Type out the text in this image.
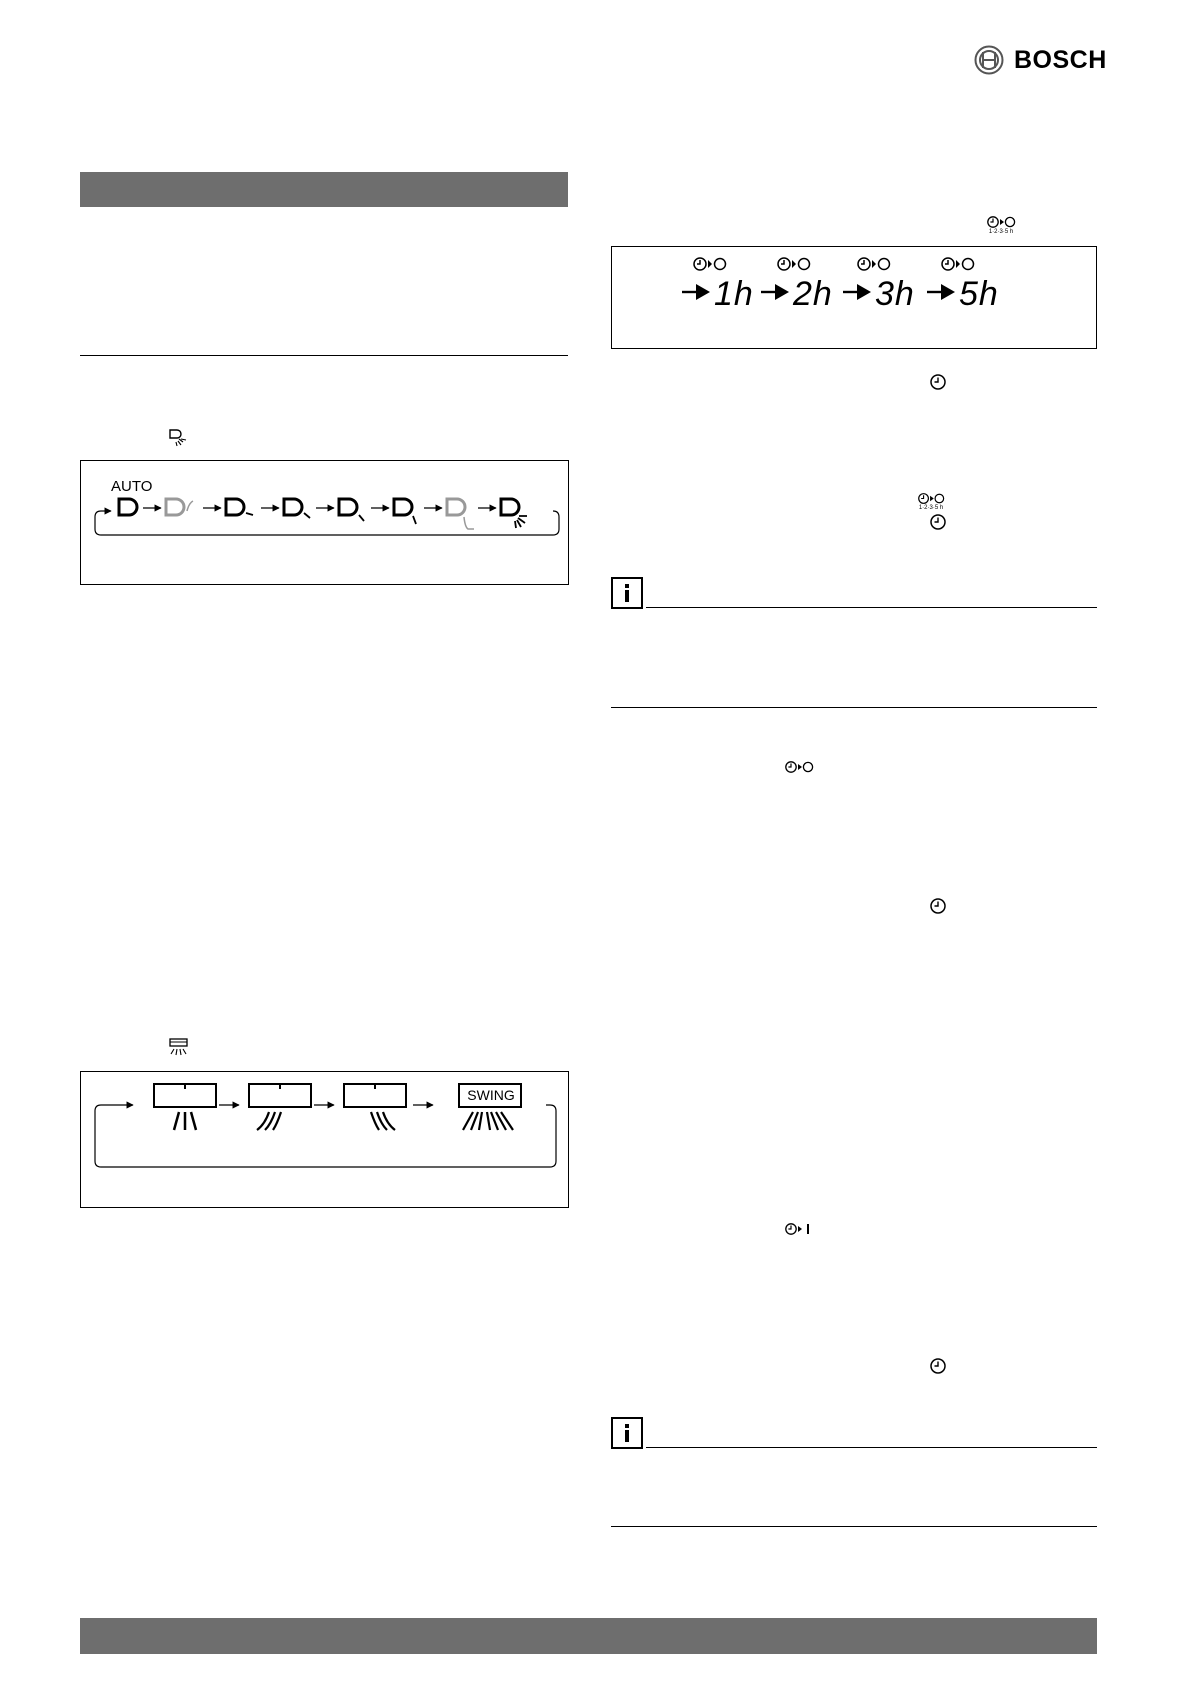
BOSCH
AUTO
SWING
1·2·3·5 h
1h 2h 3h 5h
1·2·3·5 h
